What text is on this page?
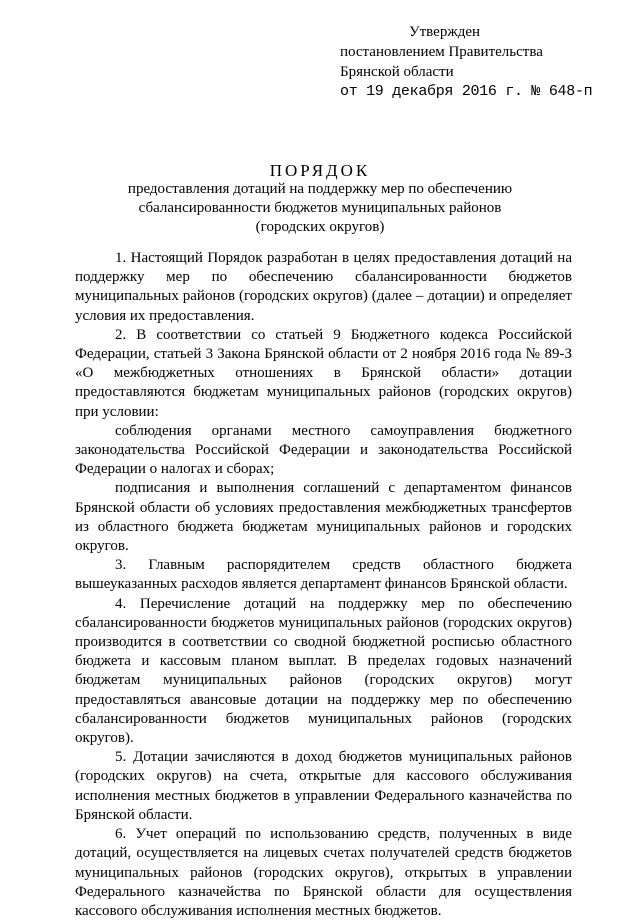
Утвержден
постановлением Правительства
Брянской области
от 19 декабря 2016 г. № 648-п
ПОРЯДОК
предоставления дотаций на поддержку мер по обеспечению
сбалансированности бюджетов муниципальных районов
(городских округов)

1. Настоящий Порядок разработан в целях предоставления дотаций на поддержку мер по обеспечению сбалансированности бюджетов муниципальных районов (городских округов) (далее – дотации) и определяет условия их предоставления.

2. В соответствии со статьей 9 Бюджетного кодекса Российской Федерации, статьей 3 Закона Брянской области от 2 ноября 2016 года № 89-З «О межбюджетных отношениях в Брянской области» дотации предоставляются бюджетам муниципальных районов (городских округов) при условии:

соблюдения органами местного самоуправления бюджетного законодательства Российской Федерации и законодательства Российской Федерации о налогах и сборах;

подписания и выполнения соглашений с департаментом финансов Брянской области об условиях предоставления межбюджетных трансфертов из областного бюджета бюджетам муниципальных районов и городских округов.

3. Главным распорядителем средств областного бюджета вышеуказанных расходов является департамент финансов Брянской области.

4. Перечисление дотаций на поддержку мер по обеспечению сбалансированности бюджетов муниципальных районов (городских округов) производится в соответствии со сводной бюджетной росписью областного бюджета и кассовым планом выплат. В пределах годовых назначений бюджетам муниципальных районов (городских округов) могут предоставляться авансовые дотации на поддержку мер по обеспечению сбалансированности бюджетов муниципальных районов (городских округов).

5. Дотации зачисляются в доход бюджетов муниципальных районов (городских округов) на счета, открытые для кассового обслуживания исполнения местных бюджетов в управлении Федерального казначейства по Брянской области.

6. Учет операций по использованию средств, полученных в виде дотаций, осуществляется на лицевых счетах получателей средств бюджетов муниципальных районов (городских округов), открытых в управлении Федерального казначейства по Брянской области для осуществления кассового обслуживания исполнения местных бюджетов.
